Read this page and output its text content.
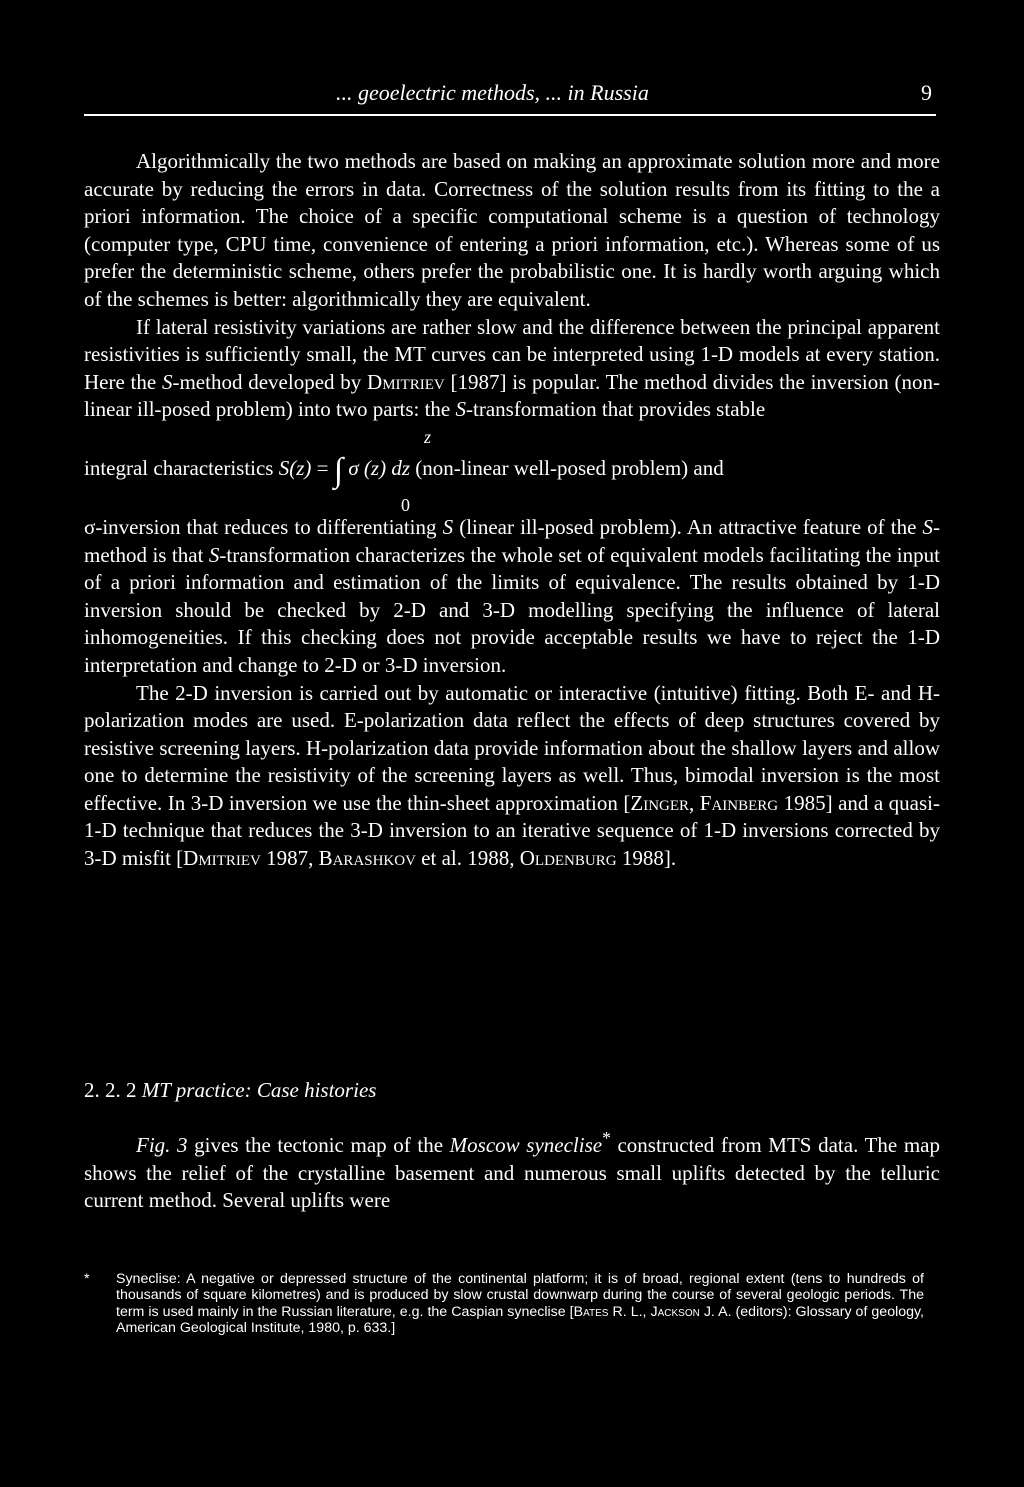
... geoelectric methods, ... in Russia	9

Algorithmically the two methods are based on making an approximate solution more and more accurate by reducing the errors in data. Correctness of the solution results from its fitting to the a priori information. The choice of a specific computational scheme is a question of technology (computer type, CPU time, convenience of entering a priori information, etc.). Whereas some of us prefer the deterministic scheme, others prefer the probabilistic one. It is hardly worth arguing which of the schemes is better: algorithmically they are equivalent.

If lateral resistivity variations are rather slow and the difference between the principal apparent resistivities is sufficiently small, the MT curves can be interpreted using 1-D models at every station. Here the S-method developed by Dmitriev [1987] is popular. The method divides the inversion (non-linear ill-posed problem) into two parts: the S-transformation that provides stable

z
integral characteristics S(z) = ∫ σ (z) dz (non-linear well-posed problem) and
0

σ-inversion that reduces to differentiating S (linear ill-posed problem). An attractive feature of the S-method is that S-transformation characterizes the whole set of equivalent models facilitating the input of a priori information and estimation of the limits of equivalence. The results obtained by 1-D inversion should be checked by 2-D and 3-D modelling specifying the influence of lateral inhomogeneities. If this checking does not provide acceptable results we have to reject the 1-D interpretation and change to 2-D or 3-D inversion.

The 2-D inversion is carried out by automatic or interactive (intuitive) fitting. Both E- and H-polarization modes are used. E-polarization data reflect the effects of deep structures covered by resistive screening layers. H-polarization data provide information about the shallow layers and allow one to determine the resistivity of the screening layers as well. Thus, bimodal inversion is the most effective. In 3-D inversion we use the thin-sheet approximation [Zinger, Fainberg 1985] and a quasi-1-D technique that reduces the 3-D inversion to an iterative sequence of 1-D inversions corrected by 3-D misfit [Dmitriev 1987, Barashkov et al. 1988, Oldenburg 1988].

2. 2. 2 MT practice: Case histories

Fig. 3 gives the tectonic map of the Moscow syneclise* constructed from MTS data. The map shows the relief of the crystalline basement and numerous small uplifts detected by the telluric current method. Several uplifts were

*	Syneclise: A negative or depressed structure of the continental platform; it is of broad, regional extent (tens to hundreds of thousands of square kilometres) and is produced by slow crustal downwarp during the course of several geologic periods. The term is used mainly in the Russian literature, e.g. the Caspian syneclise [Bates R. L., Jackson J. A. (editors): Glossary of geology, American Geological Institute, 1980, p. 633.]
